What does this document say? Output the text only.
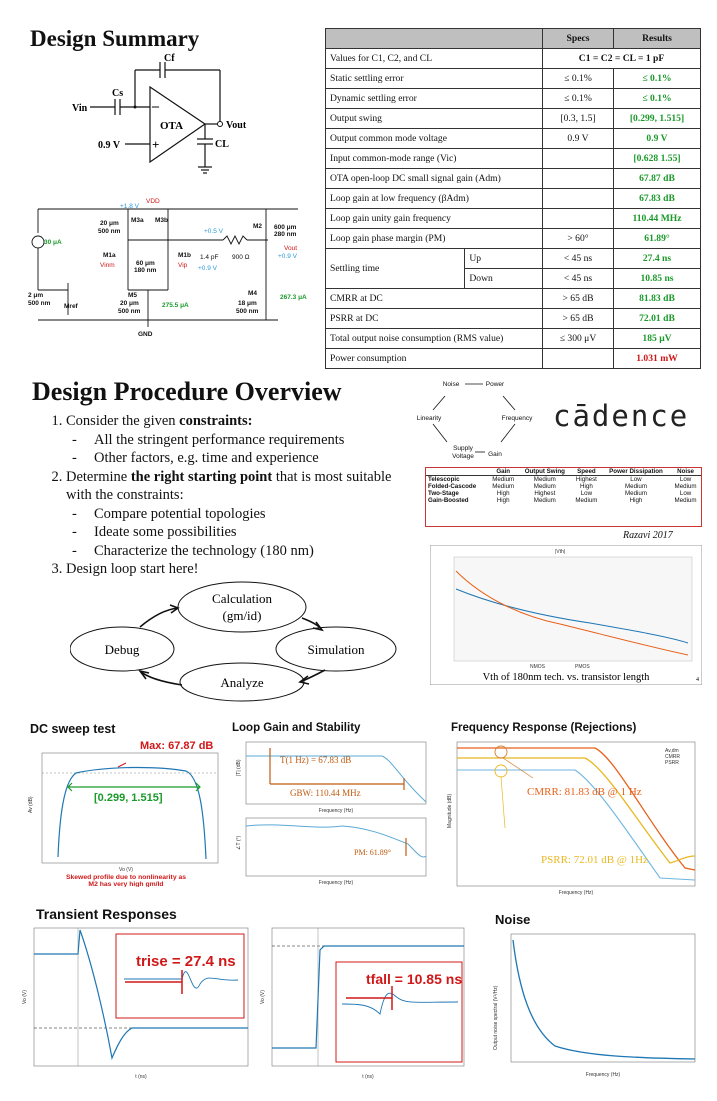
Design Summary
–
+
OTA
Cs
Cf
CL
Vin
Vout
0.9 V
VDD
+1.8 V
30 μA
M3a M3b
M2
M1a	M1b
M5	M4
Mref
20 μm
500 nm
60 μm
180 nm
600 μm
280 nm
+0.5 V
1.4 pF 900 Ω
Vinm	Vip +0.9 V
Vout
+0.9 V
2 μm
500 nm	20 μm
500 nm
275.5 μA	18 μm
500 nm
267.3 μA
GND
		Specs	Results
Values for C1, C2, and CL		C1 = C2 = CL = 1 pF	
Static settling error		≤ 0.1%	≤ 0.1%
Dynamic settling error		≤ 0.1%	≤ 0.1%
Output swing		[0.3, 1.5]	[0.299, 1.515]
Output common mode voltage		0.9 V	0.9 V
Input common-mode range (Vic)			[0.628 1.55]
OTA open-loop DC small signal gain (Adm)			67.87 dB
Loop gain at low frequency (βAdm)			67.83 dB
Loop gain unity gain frequency			110.44 MHz
Loop gain phase margin (PM)		> 60°	61.89°
Settling time	Up	< 45 ns	27.4 ns
	Down	< 45 ns	10.85 ns
CMRR at DC		> 65 dB	81.83 dB
PSRR at DC		> 65 dB	72.01 dB
Total output noise consumption (RMS value)		≤ 300 μV	185 μV
Power consumption			1.031 mW
Design Procedure Overview
1. Consider the given constraints:
- All the stringent performance requirements
- Other factors, e.g. time and experience
2. Determine the right starting point that is most suitable with the constraints:
- Compare potential topologies
- Ideate some possibilities
- Characterize the technology (180 nm)
3. Design loop start here!
Calculation
(gm/id)
Simulation
Analyze
Debug
Noise	Power
Linearity	Frequency
Supply
Voltage Gain
cādence
	Gain	Output Swing	Speed	Power Dissipation	Noise
Telescopic	Medium	Medium	Highest	Low	Low
Folded-Cascode	Medium	Medium	High	Medium	Medium
Two-Stage	High	Highest	Low	Medium	Low
Gain-Boosted	High	Medium	Medium	High	Medium
Razavi 2017
|Vth|
NMOS	PMOS
Vth of 180nm tech. vs. transistor length	4
DC sweep test
Max: 67.87 dB
[0.299, 1.515]
Av (dB)
Vo (V)
Skewed profile due to nonlinearity as
M2 has very high gm/Id
Loop Gain and Stability
T(1 Hz) = 67.83 dB
GBW: 110.44 MHz
|T| (dB)
Frequency (Hz)
PM: 61.89°
∠T (°)
Frequency (Hz)
Frequency Response (Rejections)
CMRR: 81.83 dB @ 1 Hz
PSRR: 72.01 dB @ 1Hz
Av,dm
CMRR
PSRR
Magnitude (dB)
Frequency (Hz)
Transient Responses
trise = 27.4 ns
Vo (V)
t (ns)
tfall = 10.85 ns
Vo (V)
t (ns)
Noise
Output noise spectral (V²/Hz)
Frequency (Hz)
